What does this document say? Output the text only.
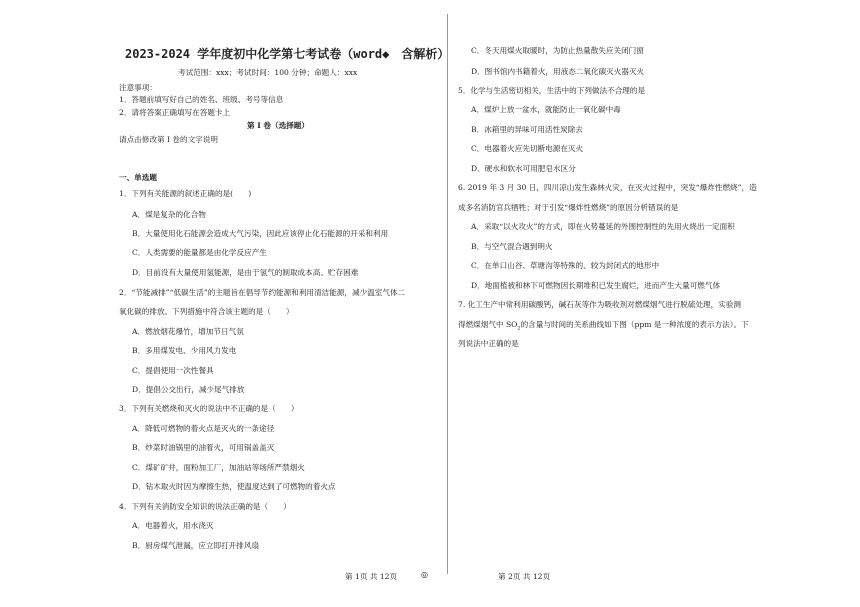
2023-2024 学年度初中化学第七考试卷（word◆　含解析）
考试范围：xxx；考试时间：100 分钟；命题人：xxx
注意事项：
1．答题前填写好自己的姓名、班级、考号等信息
2．请将答案正确填写在答题卡上
第 I 卷（选择题）
请点击修改第 I 卷的文字说明
一、单选题
1．下列有关能源的叙述正确的是(　　)
A．煤是复杂的化合物
B．大量使用化石能源会造成大气污染，因此应该停止化石能源的开采和利用
C．人类需要的能量都是由化学反应产生
D．目前没有大量使用氢能源，是由于氢气的制取成本高、贮存困难
2．“节能减排”“低碳生活”的主题旨在倡导节约能源和利用清洁能源，减少温室气体二
氧化碳的排放。下列措施中符合该主题的是（　　）
A．燃放烟花爆竹，增加节日气氛
B．多用煤发电、少用风力发电
C．提倡使用一次性餐具
D．提倡公交出行，减少尾气排放
3．下列有关燃烧和灭火的说法中不正确的是（　　）
A．降低可燃物的着火点是灭火的一条途径
B．炒菜时油锅里的油着火，可用锅盖盖灭
C．煤矿矿井，面粉加工厂，加油站等场所严禁烟火
D．钻木取火时因为摩擦生热，使温度达到了可燃物的着火点
4．下列有关消防安全知识的说法正确的是（　　）
A．电器着火，用水浇灭
B．厨房煤气泄漏，应立即打开排风扇
C．冬天用煤火取暖时，为防止热量散失应关闭门窗
D．图书馆内书籍着火，用液态二氧化碳灭火器灭火
5．化学与生活密切相关，生活中的下列做法不合理的是
A．煤炉上放一盆水，就能防止一氧化碳中毒
B．冰箱里的异味可用活性炭除去
C．电器着火应先切断电源在灭火
D．硬水和软水可用肥皂水区分
6. 2019 年 3 月 30 日，四川凉山发生森林火灾，在灭火过程中，突发“爆炸性燃烧”，造
成多名消防官兵牺牲；对于引发“爆炸性燃烧”的原因分析错误的是
A．采取“以火攻火”的方式，即在火势蔓延的外围控制性的先用火烧出一定面积
B．与空气混合遇到明火
C．在单口山谷、草塘沟等特殊的、较为封闭式的地形中
D．地面植被和林下可燃物因长期堆积已发生腐烂，进而产生大量可燃气体
7. 化工生产中常利用碳酸钙，碱石灰等作为吸收剂对燃煤烟气进行脱硫处理，实验测
得燃煤烟气中 $SO_2$的含量与时间的关系曲线如下图（ppm 是一种浓度的表示方法）。下
列说法中正确的是
第 1页 共 12页	◎	第 2页 共 12页
